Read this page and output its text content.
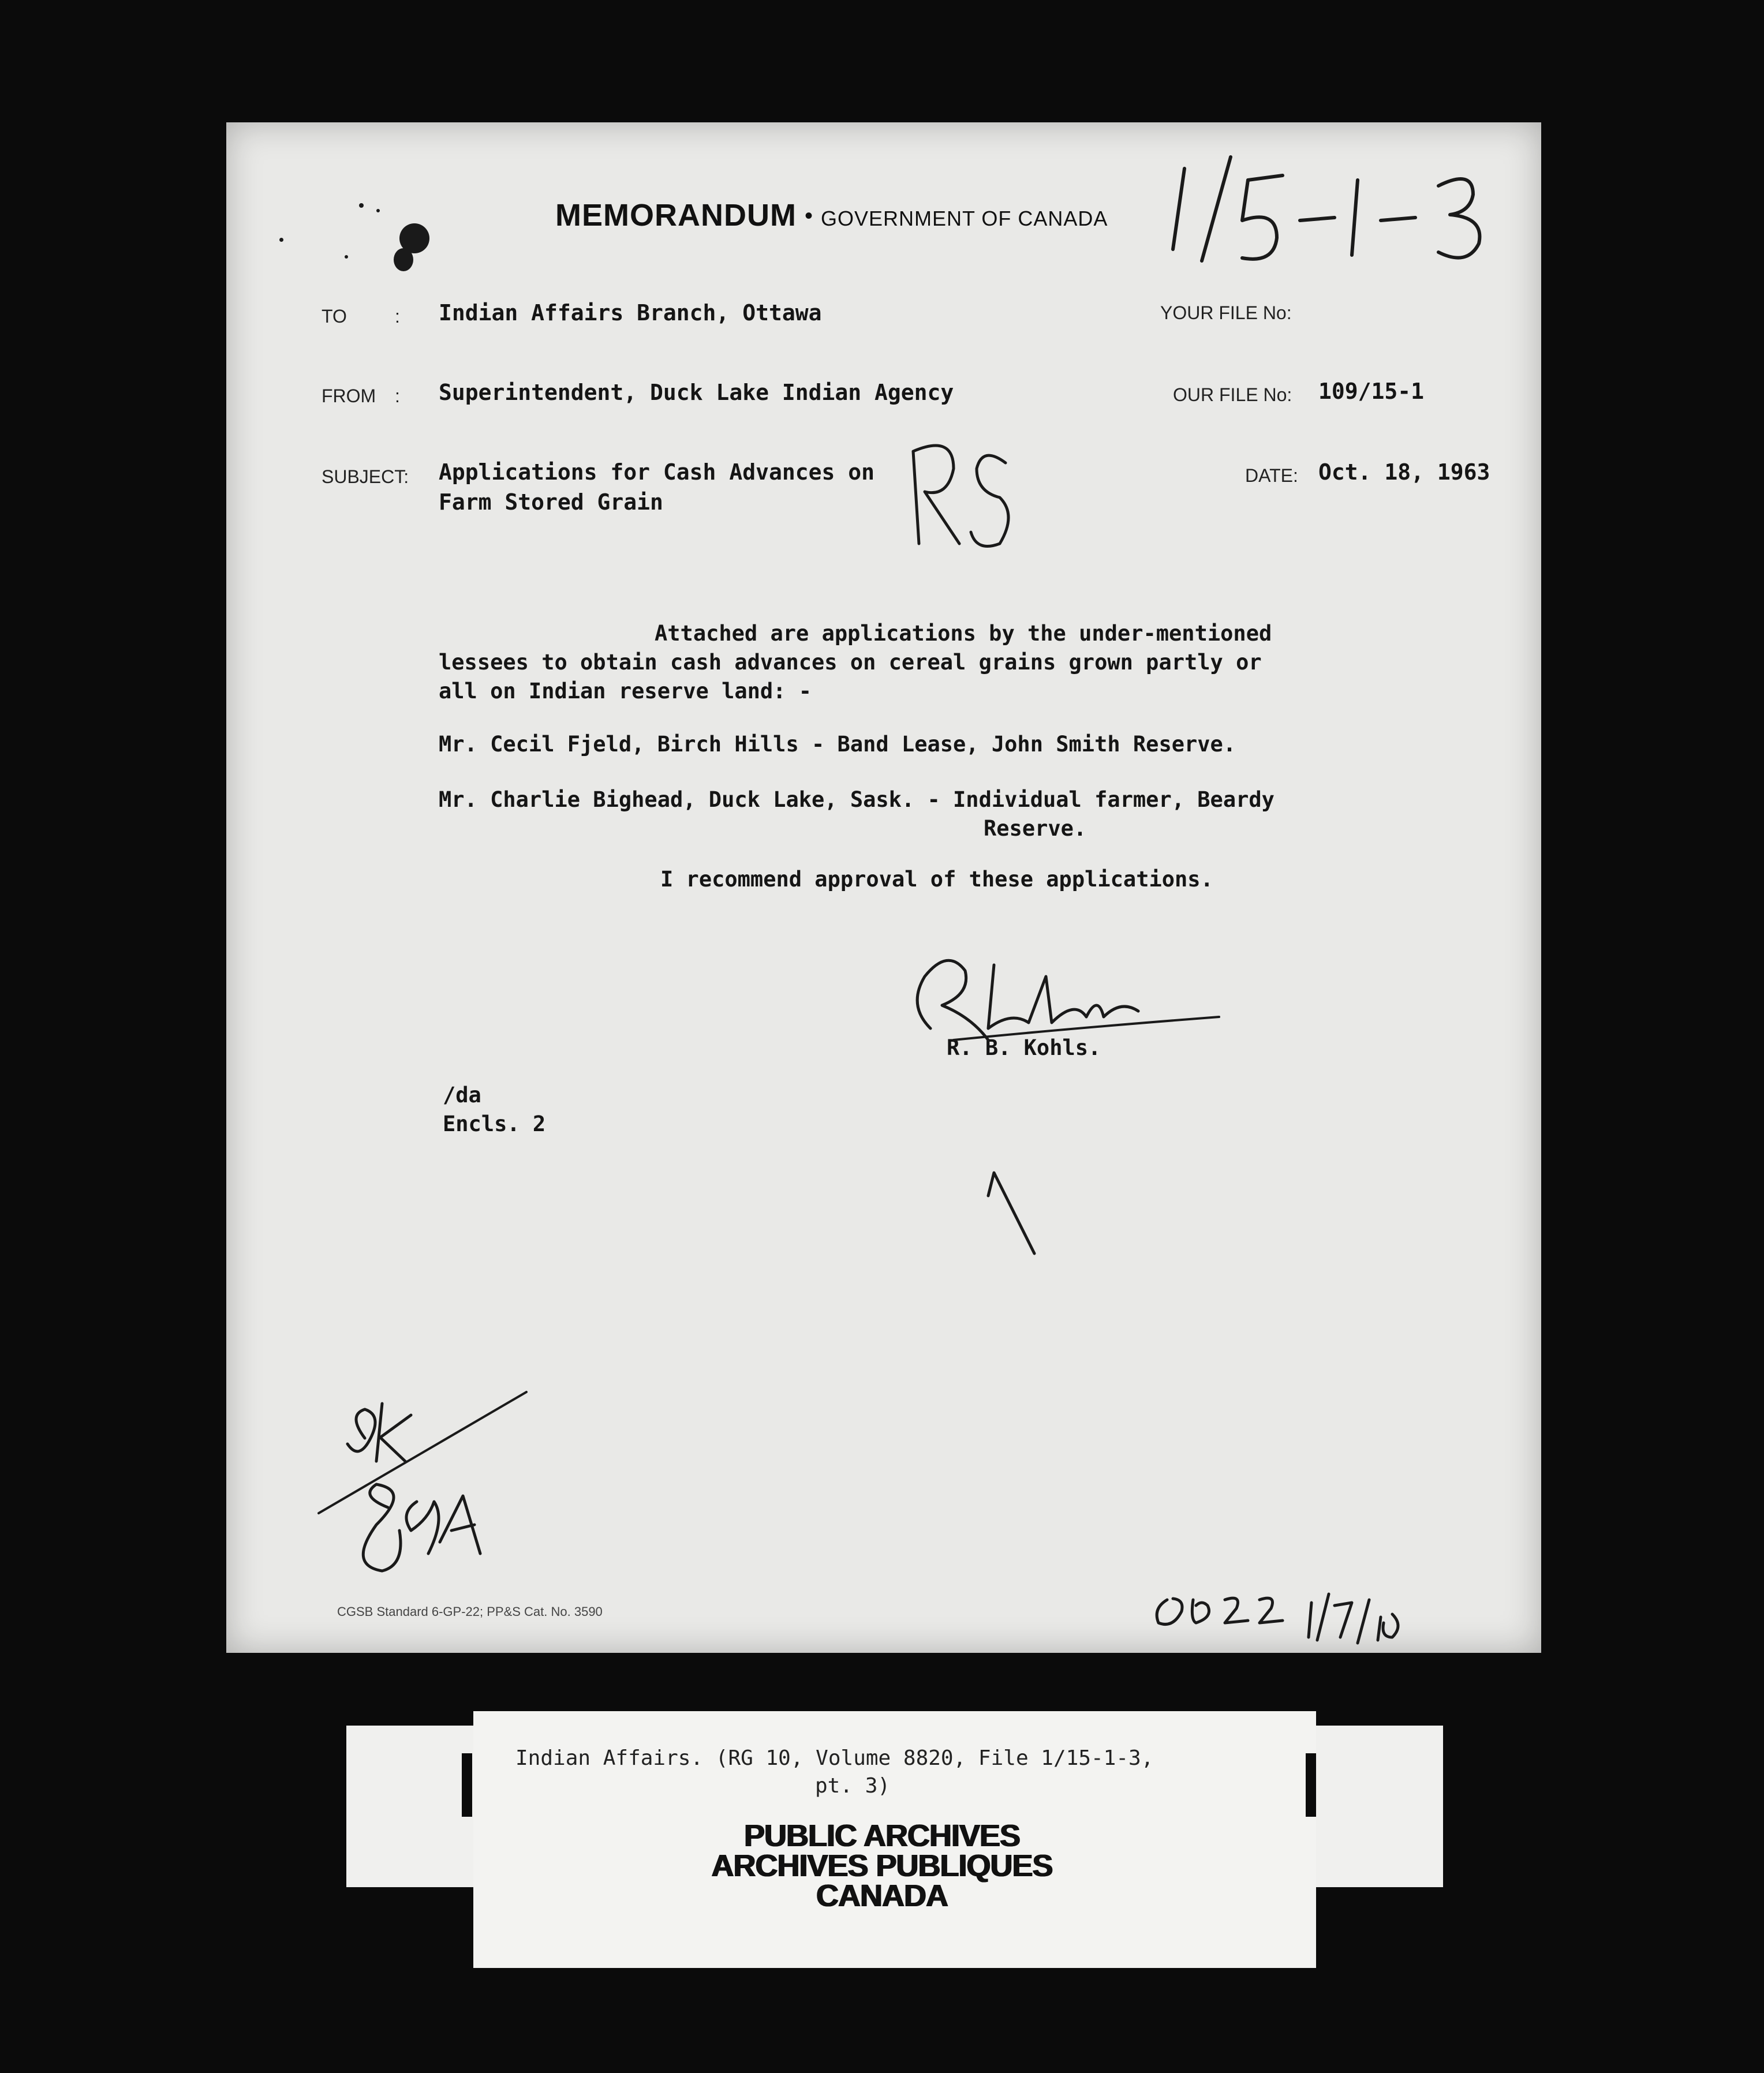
MEMORANDUM • GOVERNMENT OF CANADA
TO	: Indian Affairs Branch, Ottawa	YOUR FILE No:
FROM : Superintendent, Duck Lake Indian Agency	OUR FILE No: 109/15-1
SUBJECT: Applications for Cash Advances on
Farm Stored Grain
DATE: Oct. 18, 1963
Attached are applications by the under-mentioned
lessees to obtain cash advances on cereal grains grown partly or
all on Indian reserve land: -
Mr. Cecil Fjeld, Birch Hills - Band Lease, John Smith Reserve.
Mr. Charlie Bighead, Duck Lake, Sask. - Individual farmer, Beardy
Reserve.
I recommend approval of these applications.
R. B. Kohls.
/da
Encls. 2
CGSB Standard 6-GP-22; PP&S Cat. No. 3590
Indian Affairs. (RG 10, Volume 8820, File 1/15-1-3,
pt. 3)
PUBLIC ARCHIVES
ARCHIVES PUBLIQUES
CANADA
